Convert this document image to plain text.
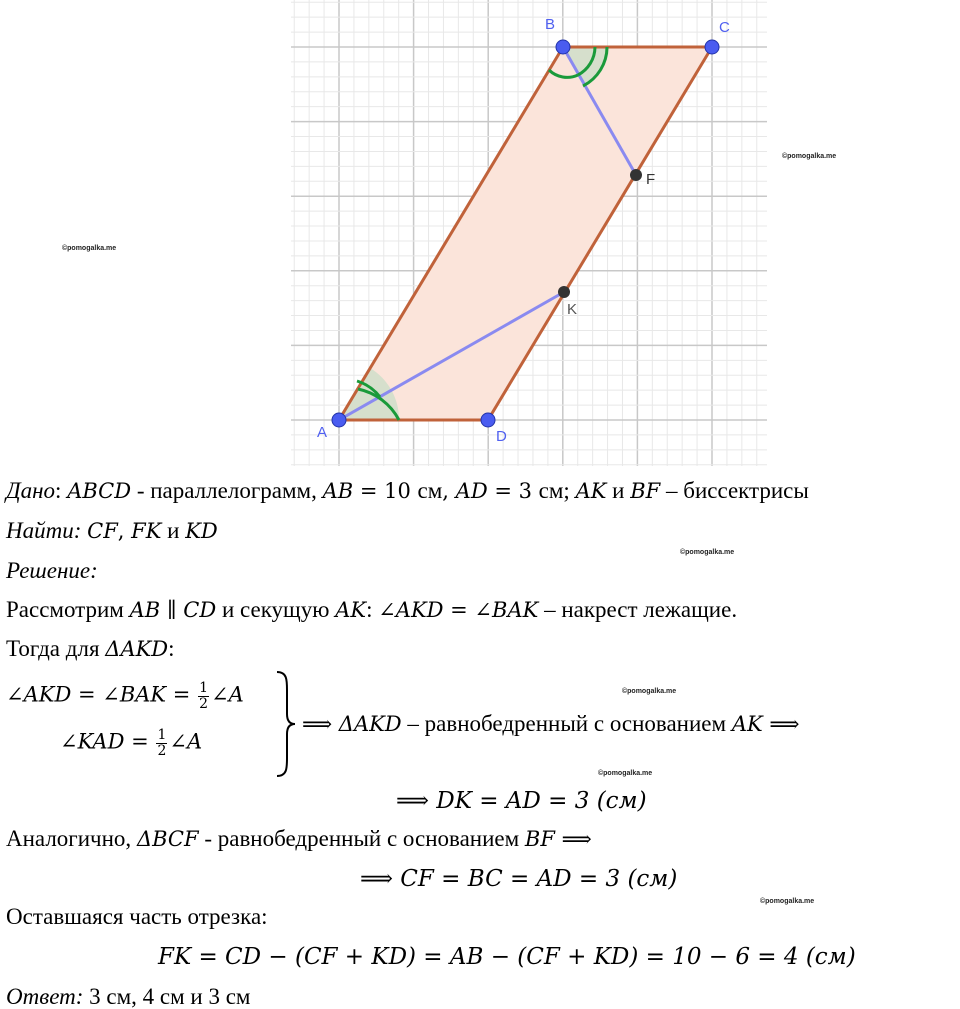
A
B	C
D
F
K
©pomogalka.me
©pomogalka.me
©pomogalka.me
©pomogalka.me
©pomogalka.me
©pomogalka.me
Дано: ABCD - параллелограмм, AB = 10 см, AD = 3 см; AK и BF – биссектрисы
Найти: CF, FK и KD
Решение:
Рассмотрим AB ∥ CD и секущую AK: ∠AKD = ∠BAK – накрест лежащие.
Тогда для ΔAKD:
∠AKD = ∠BAK = $\frac{1}{2}$ ∠A
∠KAD = $\frac{1}{2}$ ∠A
⟹ ΔAKD – равнобедренный с основанием AK ⟹
⟹ DK = AD = 3 (см)
Аналогично, ΔBCF - равнобедренный с основанием BF ⟹
⟹ CF = BC = AD = 3 (см)
Оставшаяся часть отрезка:
FK = CD − (CF + KD) = AB − (CF + KD) = 10 − 6 = 4 (см)
Ответ: 3 см, 4 см и 3 см
